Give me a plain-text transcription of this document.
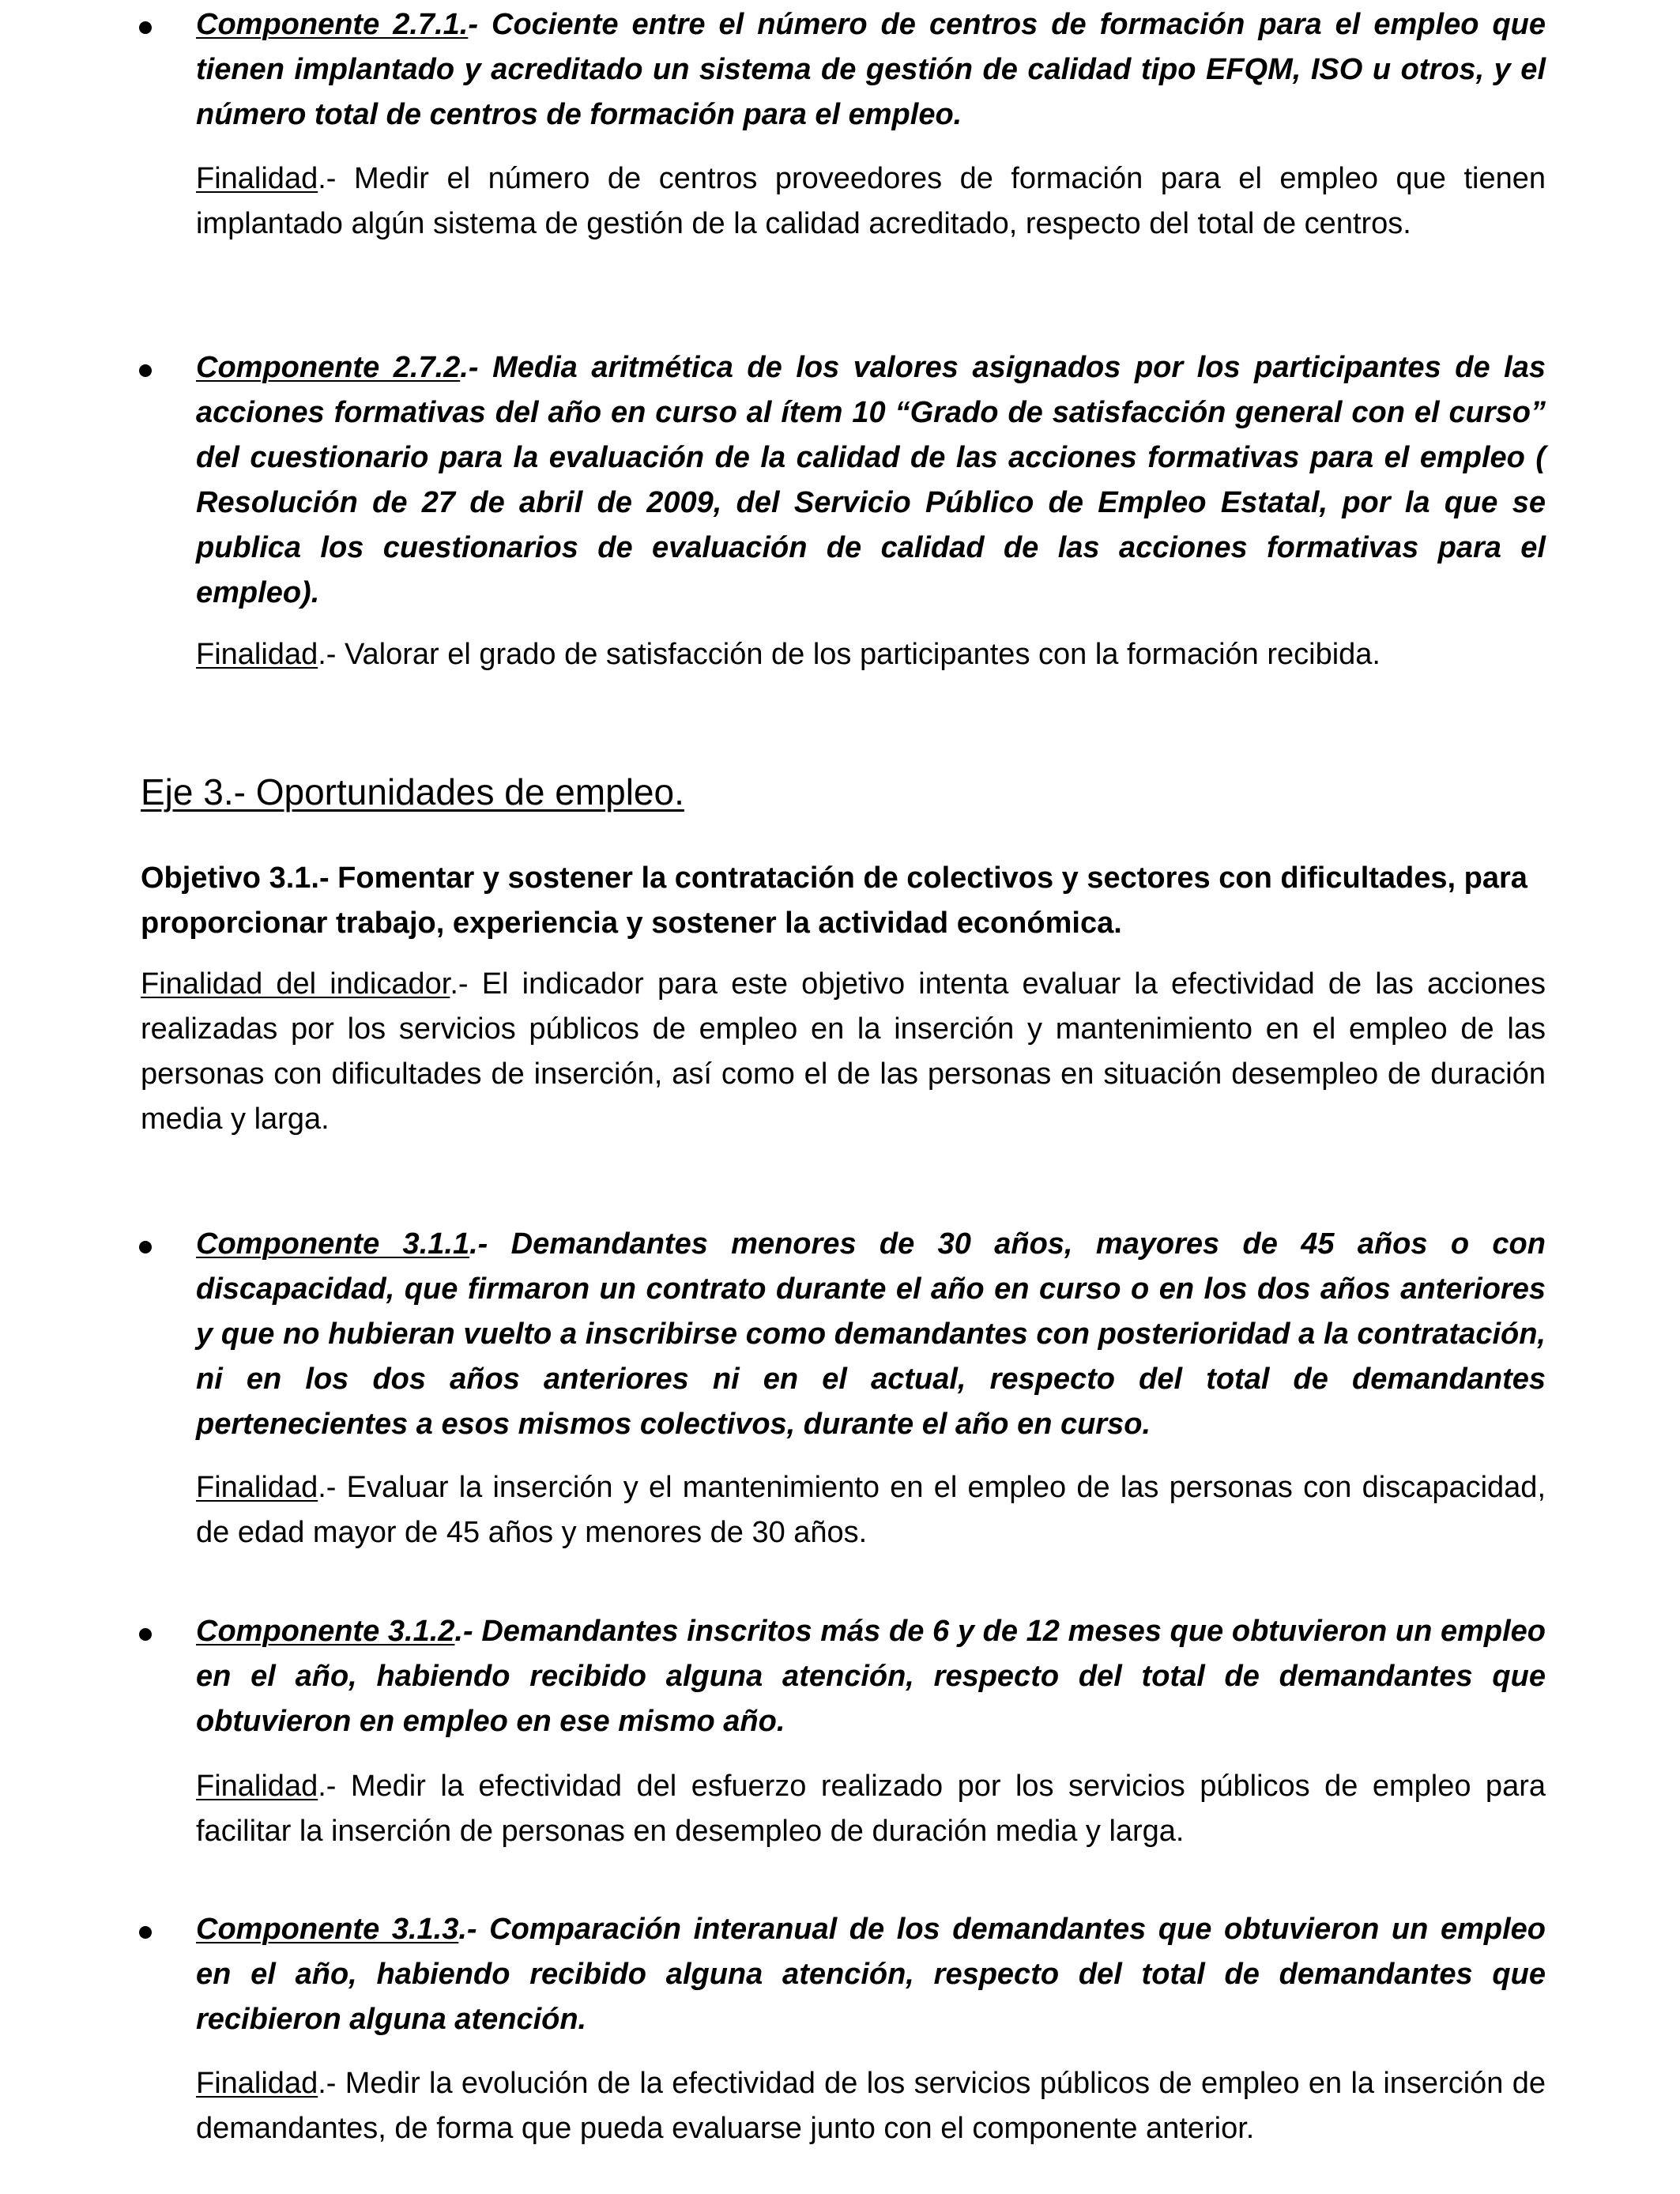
Componente 2.7.1.- Cociente entre el número de centros de formación para el empleo que tienen implantado y acreditado un sistema de gestión de calidad tipo EFQM, ISO u otros, y el número total de centros de formación para el empleo.
Finalidad.- Medir el número de centros proveedores de formación para el empleo que tienen implantado algún sistema de gestión de la calidad acreditado, respecto del total de centros.
Componente 2.7.2.- Media aritmética de los valores asignados por los participantes de las acciones formativas del año en curso al ítem 10 “Grado de satisfacción general con el curso” del cuestionario para la evaluación de la calidad de las acciones formativas para el empleo ( Resolución de 27 de abril de 2009, del Servicio Público de Empleo Estatal, por la que se publica los cuestionarios de evaluación de calidad de las acciones formativas para el empleo).
Finalidad.- Valorar el grado de satisfacción de los participantes con la formación recibida.
Eje 3.- Oportunidades de empleo.
Objetivo 3.1.- Fomentar y sostener la contratación de colectivos y sectores con dificultades, para proporcionar trabajo, experiencia y sostener la actividad económica.
Finalidad del indicador.- El indicador para este objetivo intenta evaluar la efectividad de las acciones realizadas por los servicios públicos de empleo en la inserción y mantenimiento en el empleo de las personas con dificultades de inserción, así como el de las personas en situación desempleo de duración media y larga.
Componente 3.1.1.- Demandantes menores de 30 años, mayores de 45 años o con discapacidad, que firmaron un contrato durante el año en curso o en los dos años anteriores y que no hubieran vuelto a inscribirse como demandantes con posterioridad a la contratación, ni en los dos años anteriores ni en el actual, respecto del total de demandantes pertenecientes a esos mismos colectivos, durante el año en curso.
Finalidad.- Evaluar la inserción y el mantenimiento en el empleo de las personas con discapacidad, de edad mayor de 45 años y menores de 30 años.
Componente 3.1.2.- Demandantes inscritos más de 6 y de 12 meses que obtuvieron un empleo en el año, habiendo recibido alguna atención, respecto del total de demandantes que obtuvieron en empleo en ese mismo año.
Finalidad.- Medir la efectividad del esfuerzo realizado por los servicios públicos de empleo para facilitar la inserción de personas en desempleo de duración media y larga.
Componente 3.1.3.- Comparación interanual de los demandantes que obtuvieron un empleo en el año, habiendo recibido alguna atención, respecto del total de demandantes que recibieron alguna atención.
Finalidad.- Medir la evolución de la efectividad de los servicios públicos de empleo en la inserción de demandantes, de forma que pueda evaluarse junto con el componente anterior.
